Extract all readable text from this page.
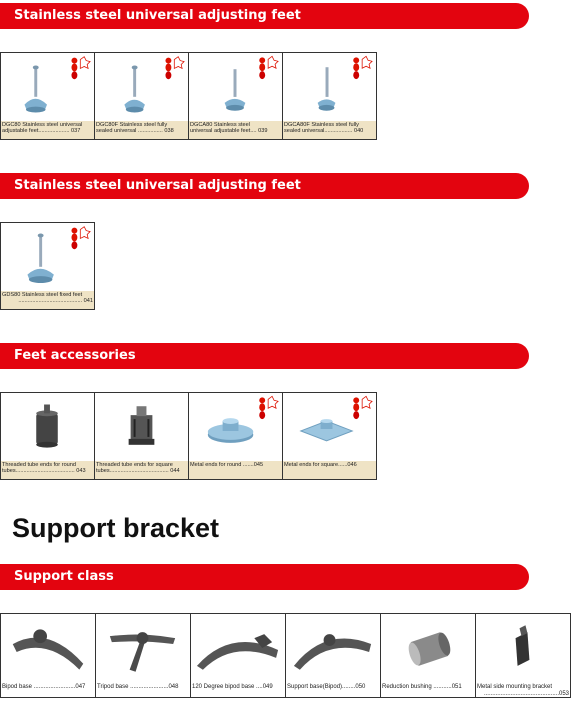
Stainless steel universal adjusting feet
DGC80 Stainless steel universal
adjustable feet.................... 037
DGC80F Stainless steel fully
sealed universal ................ 038
DGCA80 Stainless steel
universal adjustable feet.... 039
DGCA80F Stainless steel fully
sealed universal.................. 040
Stainless steel universal adjusting feet
GDS80 Stainless steel fixed feet
......................................... 041
Feet accessories
Threaded tube ends for round
tubes...................................... 043
Threaded tube ends for square
tubes...................................... 044
Metal ends for round .......045	Metal ends for square......046
Support bracket
Support class
Bipod base .........................047	Tripod base .......................048	120 Degree bipod base ....049	Support base(Bipod)........050	Reduction bushing ...........051	Metal side mounting bracket
.............................................053
